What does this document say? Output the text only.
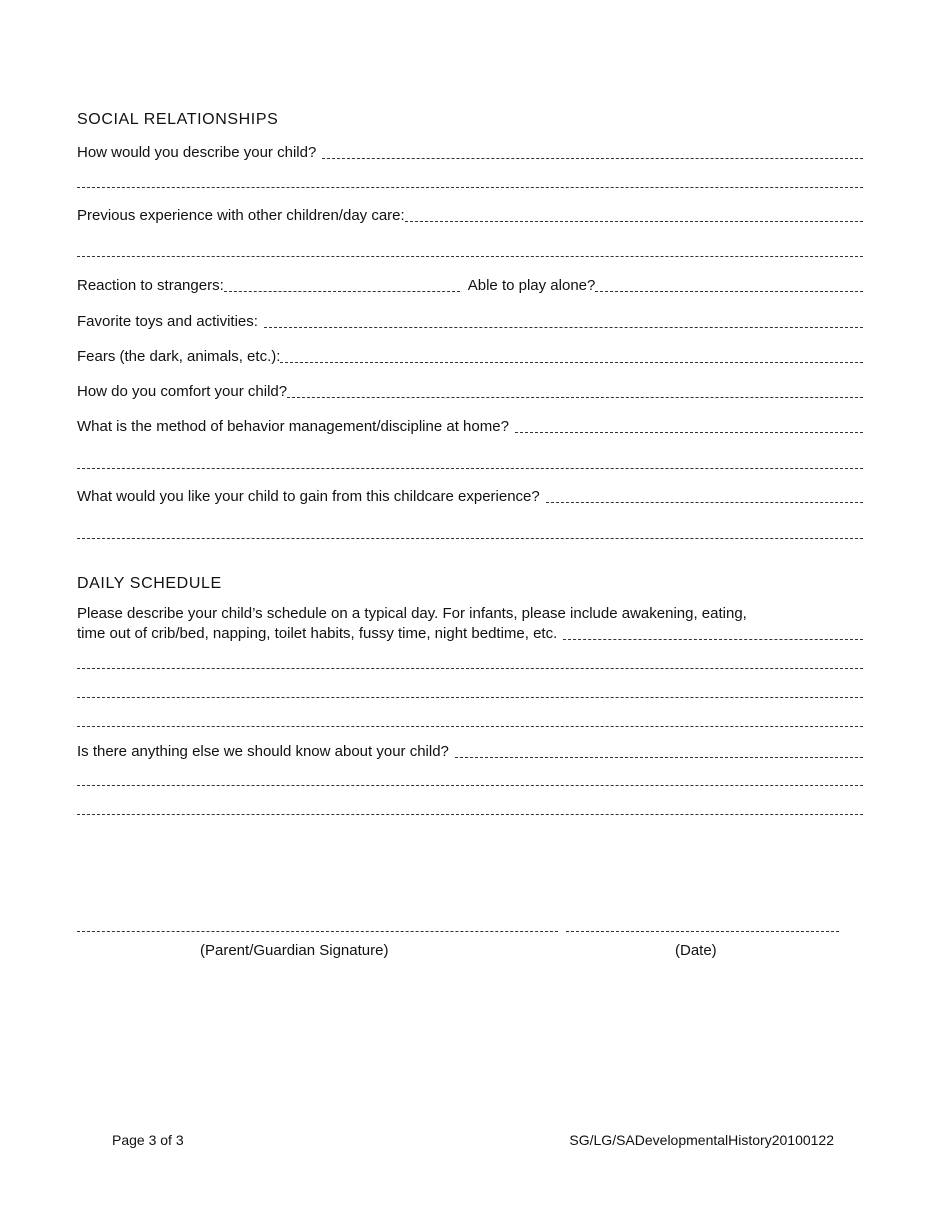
SOCIAL RELATIONSHIPS
How would you describe your child?
Previous experience with other children/day care:
Reaction to strangers:	Able to play alone?
Favorite toys and activities:
Fears (the dark, animals, etc.):
How do you comfort your child?
What is the method of behavior management/discipline at home?
What would you like your child to gain from this childcare experience?
DAILY SCHEDULE
Please describe your child’s schedule on a typical day. For infants, please include awakening, eating,
time out of crib/bed, napping, toilet habits, fussy time, night bedtime, etc.
Is there anything else we should know about your child?
(Parent/Guardian Signature)	(Date)
Page 3 of 3	SG/LG/SADevelopmentalHistory20100122
